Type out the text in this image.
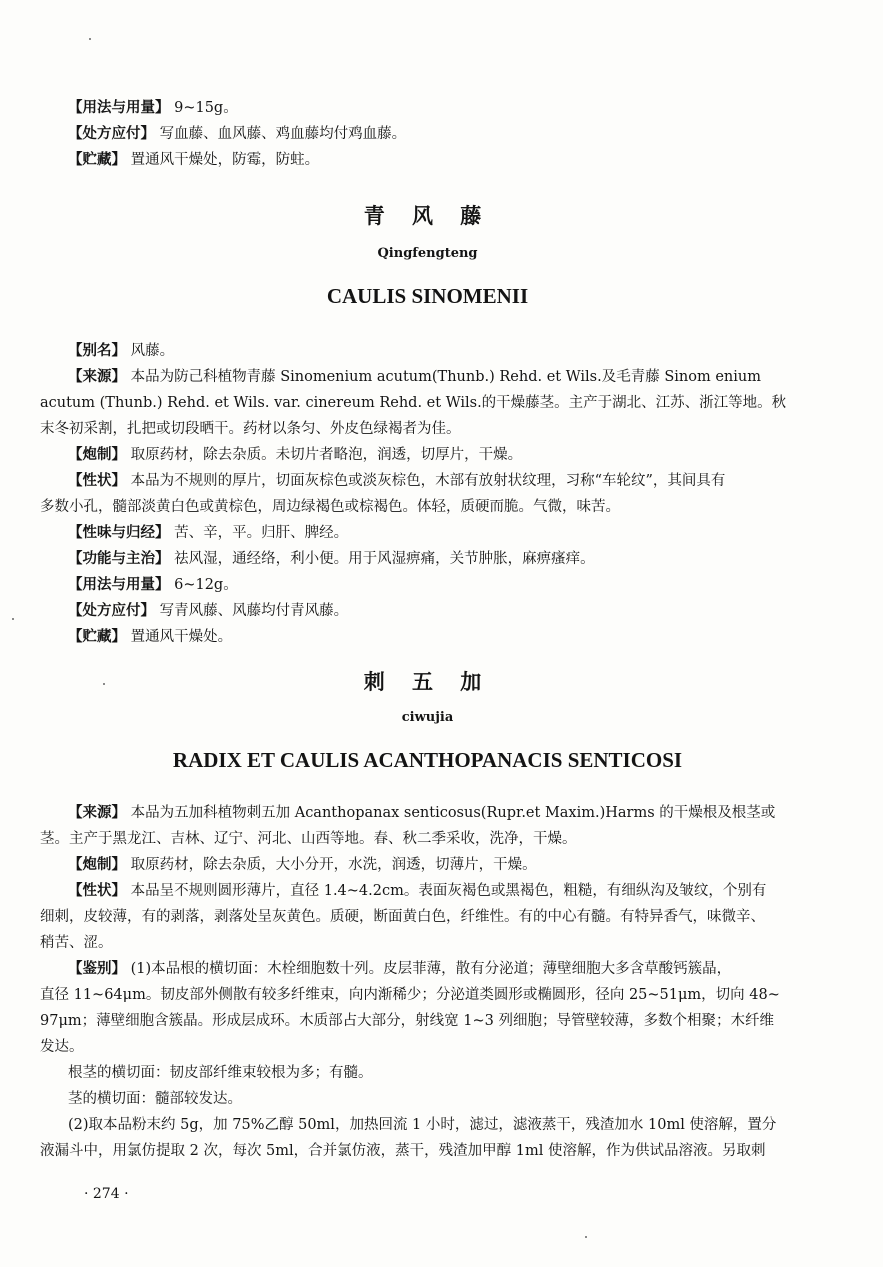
【用法与用量】 9~15g。
【处方应付】 写血藤、血风藤、鸡血藤均付鸡血藤。
【贮藏】 置通风干燥处，防霉，防蛀。
青 风 藤
Qingfengteng
CAULIS SINOMENII
【别名】 风藤。
【来源】 本品为防己科植物青藤 Sinomenium acutum(Thunb.) Rehd. et Wils.及毛青藤 Sinom enium
acutum (Thunb.) Rehd. et Wils. var. cinereum Rehd. et Wils.的干燥藤茎。主产于湖北、江苏、浙江等地。秋
末冬初采割，扎把或切段晒干。药材以条匀、外皮色绿褐者为佳。
【炮制】 取原药材，除去杂质。未切片者略泡，润透，切厚片，干燥。
【性状】 本品为不规则的厚片，切面灰棕色或淡灰棕色，木部有放射状纹理，习称“车轮纹”，其间具有
多数小孔，髓部淡黄白色或黄棕色，周边绿褐色或棕褐色。体轻，质硬而脆。气微，味苦。
【性味与归经】 苦、辛，平。归肝、脾经。
【功能与主治】 祛风湿，通经络，利小便。用于风湿痹痛，关节肿胀，麻痹瘙痒。
【用法与用量】 6~12g。
【处方应付】 写青风藤、风藤均付青风藤。
【贮藏】 置通风干燥处。
刺 五 加
ciwujia
RADIX ET CAULIS ACANTHOPANACIS SENTICOSI
【来源】 本品为五加科植物刺五加 Acanthopanax senticosus(Rupr.et Maxim.)Harms 的干燥根及根茎或
茎。主产于黑龙江、吉林、辽宁、河北、山西等地。春、秋二季采收，洗净，干燥。
【炮制】 取原药材，除去杂质，大小分开，水洗，润透，切薄片，干燥。
【性状】 本品呈不规则圆形薄片，直径 1.4~4.2cm。表面灰褐色或黑褐色，粗糙，有细纵沟及皱纹，个别有
细刺，皮较薄，有的剥落，剥落处呈灰黄色。质硬，断面黄白色，纤维性。有的中心有髓。有特异香气，味微辛、
稍苦、涩。
【鉴别】 (1)本品根的横切面：木栓细胞数十列。皮层菲薄，散有分泌道；薄壁细胞大多含草酸钙簇晶，
直径 11~64μm。韧皮部外侧散有较多纤维束，向内渐稀少；分泌道类圆形或椭圆形，径向 25~51μm，切向 48~
97μm；薄壁细胞含簇晶。形成层成环。木质部占大部分，射线宽 1~3 列细胞；导管壁较薄，多数个相聚；木纤维
发达。
根茎的横切面：韧皮部纤维束较根为多；有髓。
茎的横切面：髓部较发达。
(2)取本品粉末约 5g，加 75%乙醇 50ml，加热回流 1 小时，滤过，滤液蒸干，残渣加水 10ml 使溶解，置分
液漏斗中，用氯仿提取 2 次，每次 5ml，合并氯仿液，蒸干，残渣加甲醇 1ml 使溶解，作为供试品溶液。另取刺
· 274 ·
